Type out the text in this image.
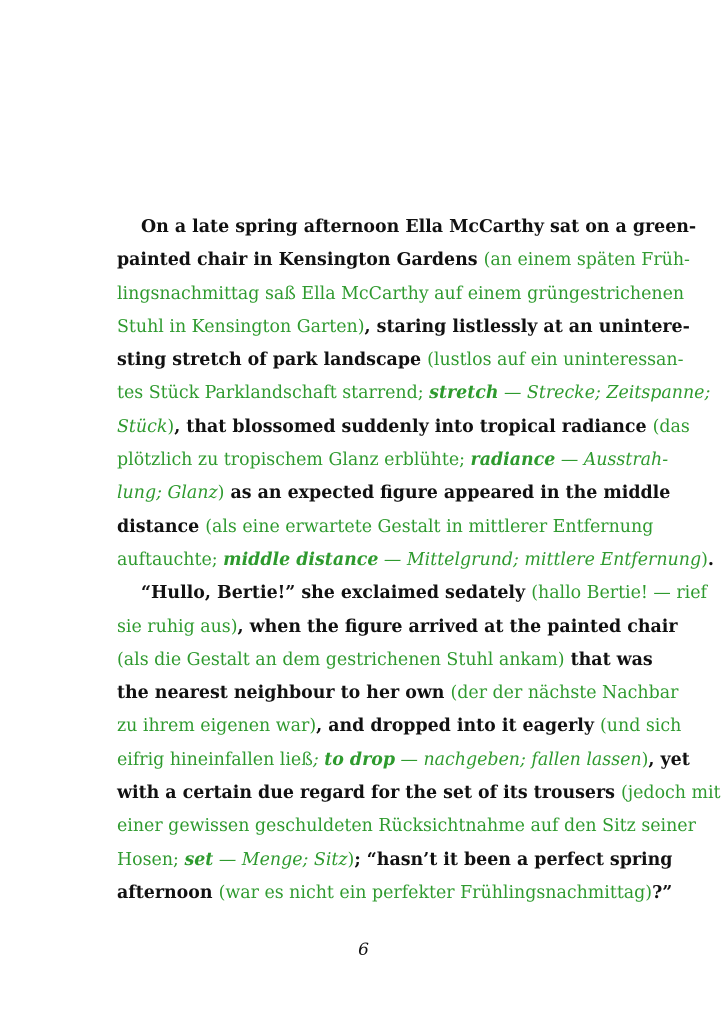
On a late spring afternoon Ella McCarthy sat on a green-
painted chair in Kensington Gardens (an einem späten Früh-
lingsnachmittag saß Ella McCarthy auf einem grüngestrichenen
Stuhl in Kensington Garten), staring listlessly at an unintere-
sting stretch of park landscape (lustlos auf ein uninteressan-
tes Stück Parklandschaft starrend; stretch — Strecke; Zeitspanne;
Stück), that blossomed suddenly into tropical radiance (das
plötzlich zu tropischem Glanz erblühte; radiance — Ausstrah-
lung; Glanz) as an expected figure appeared in the middle
distance (als eine erwartete Gestalt in mittlerer Entfernung
auftauchte; middle distance — Mittelgrund; mittlere Entfernung).
“Hullo, Bertie!” she exclaimed sedately (hallo Bertie! — rief
sie ruhig aus), when the figure arrived at the painted chair
(als die Gestalt an dem gestrichenen Stuhl ankam) that was
the nearest neighbour to her own (der der nächste Nachbar
zu ihrem eigenen war), and dropped into it eagerly (und sich
eifrig hineinfallen ließ; to drop — nachgeben; fallen lassen), yet
with a certain due regard for the set of its trousers (jedoch mit
einer gewissen geschuldeten Rücksichtnahme auf den Sitz seiner
Hosen; set — Menge; Sitz); “hasn’t it been a perfect spring
afternoon (war es nicht ein perfekter Frühlingsnachmittag)?”
6
